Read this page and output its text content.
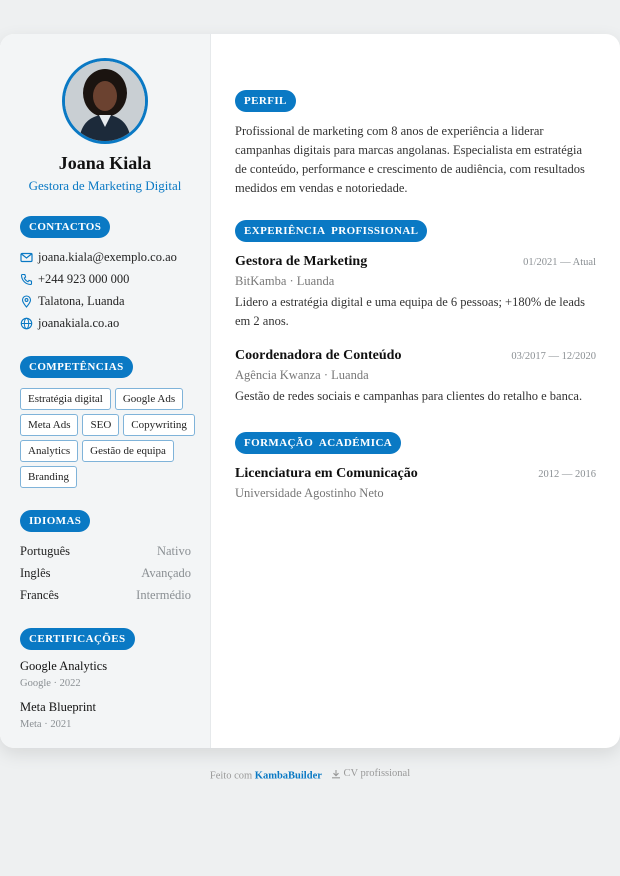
Joana Kiala
Gestora de Marketing Digital
CONTACTOS
joana.kiala@exemplo.co.ao
+244 923 000 000
Talatona, Luanda
joanakiala.co.ao
COMPETÊNCIAS
Estratégia digital	Google Ads
Meta Ads	SEO	Copywriting
Analytics	Gestão de equipa
Branding
IDIOMAS
Português	Nativo
Inglês	Avançado
Francês	Intermédio
CERTIFICAÇÕES
Google Analytics
Google · 2022
Meta Blueprint
Meta · 2021
PERFIL

Profissional de marketing com 8 anos de experiência a liderar campanhas digitais para marcas angolanas. Especialista em estratégia de conteúdo, performance e crescimento de audiência, com resultados medidos em vendas e notoriedade.

EXPERIÊNCIA  PROFISSIONAL
Gestora de Marketing	01/2021 — Atual
BitKamba · Luanda
Lidero a estratégia digital e uma equipa de 6 pessoas; +180% de leads em 2 anos.
Coordenadora de Conteúdo	03/2017 — 12/2020
Agência Kwanza · Luanda
Gestão de redes sociais e campanhas para clientes do retalho e banca.
FORMAÇÃO  ACADÉMICA
Licenciatura em Comunicação	2012 — 2016
Universidade Agostinho Neto
Feito com KambaBuilder CV profissional
